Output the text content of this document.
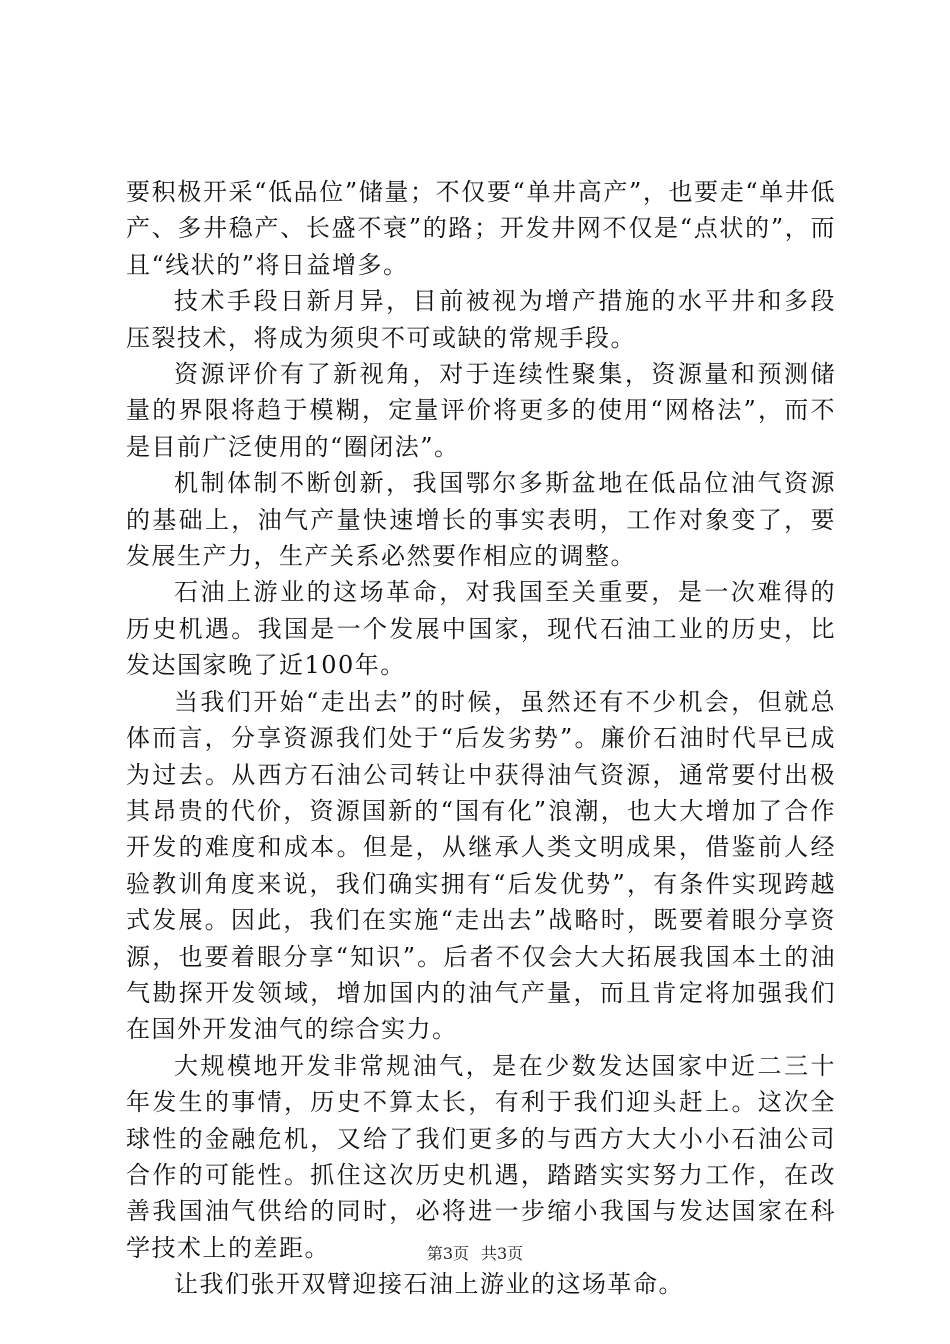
要积极开采“低品位”储量；不仅要“单井高产”，也要走“单井低产、多井稳产、长盛不衰”的路；开发井网不仅是“点状的”，而且“线状的”将日益增多。

技术手段日新月异，目前被视为增产措施的水平井和多段压裂技术，将成为须臾不可或缺的常规手段。

资源评价有了新视角，对于连续性聚集，资源量和预测储量的界限将趋于模糊，定量评价将更多的使用“网格法”，而不是目前广泛使用的“圈闭法”。

机制体制不断创新，我国鄂尔多斯盆地在低品位油气资源的基础上，油气产量快速增长的事实表明，工作对象变了，要发展生产力，生产关系必然要作相应的调整。

石油上游业的这场革命，对我国至关重要，是一次难得的历史机遇。我国是一个发展中国家，现代石油工业的历史，比发达国家晚了近100年。

当我们开始“走出去”的时候，虽然还有不少机会，但就总体而言，分享资源我们处于“后发劣势”。廉价石油时代早已成为过去。从西方石油公司转让中获得油气资源，通常要付出极其昂贵的代价，资源国新的“国有化”浪潮，也大大增加了合作开发的难度和成本。但是，从继承人类文明成果，借鉴前人经验教训角度来说，我们确实拥有“后发优势”，有条件实现跨越式发展。因此，我们在实施“走出去”战略时，既要着眼分享资源，也要着眼分享“知识”。后者不仅会大大拓展我国本土的油气勘探开发领域，增加国内的油气产量，而且肯定将加强我们在国外开发油气的综合实力。

大规模地开发非常规油气，是在少数发达国家中近二三十年发生的事情，历史不算太长，有利于我们迎头赶上。这次全球性的金融危机，又给了我们更多的与西方大大小小石油公司合作的可能性。抓住这次历史机遇，踏踏实实努力工作，在改善我国油气供给的同时，必将进一步缩小我国与发达国家在科学技术上的差距。

让我们张开双臂迎接石油上游业的这场革命。

第3页 共3页
